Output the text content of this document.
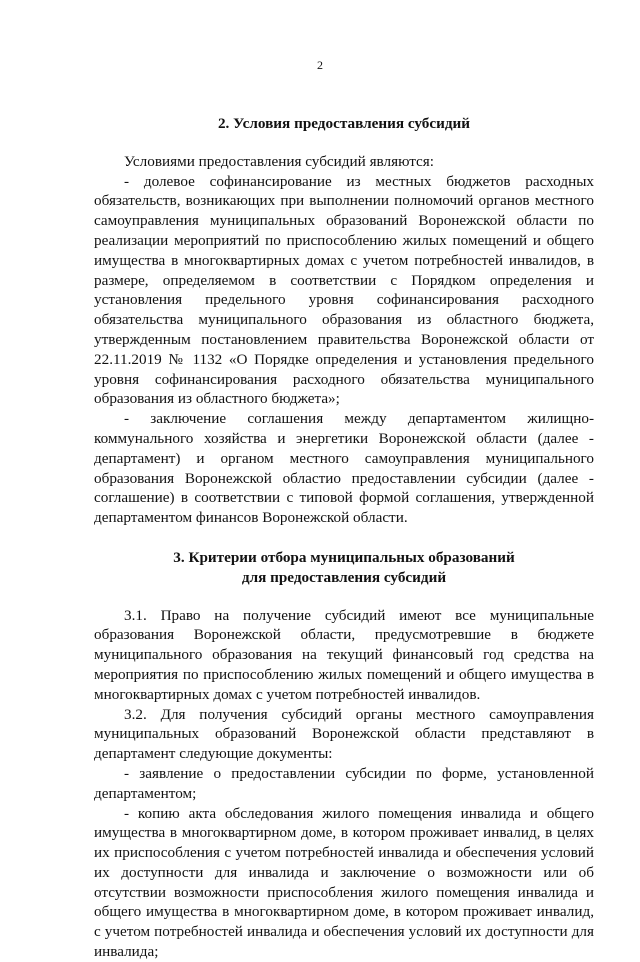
2

2. Условия предоставления субсидий

Условиями предоставления субсидий являются:

- долевое софинансирование из местных бюджетов расходных обязательств, возникающих при выполнении полномочий органов местного самоуправления муниципальных образований Воронежской области по реализации мероприятий по приспособлению жилых помещений и общего имущества в многоквартирных домах с учетом потребностей инвалидов, в размере, определяемом в соответствии с Порядком определения и установления предельного уровня софинансирования расходного обязательства муниципального образования из областного бюджета, утвержденным постановлением правительства Воронежской области от 22.11.2019 № 1132 «О Порядке определения и установления предельного уровня софинансирования расходного обязательства муниципального образования из областного бюджета»;

- заключение соглашения между департаментом жилищно-коммунального хозяйства и энергетики Воронежской области (далее - департамент) и органом местного самоуправления муниципального образования Воронежской областио предоставлении субсидии (далее - соглашение) в соответствии с типовой формой соглашения, утвержденной департаментом финансов Воронежской области.

3. Критерии отбора муниципальных образований
для предоставления субсидий

3.1. Право на получение субсидий имеют все муниципальные образования Воронежской области, предусмотревшие в бюджете муниципального образования на текущий финансовый год средства на мероприятия по приспособлению жилых помещений и общего имущества в многоквартирных домах с учетом потребностей инвалидов.

3.2. Для получения субсидий органы местного самоуправления муниципальных образований Воронежской области представляют в департамент следующие документы:

- заявление о предоставлении субсидии по форме, установленной департаментом;

- копию акта обследования жилого помещения инвалида и общего имущества в многоквартирном доме, в котором проживает инвалид, в целях их приспособления с учетом потребностей инвалида и обеспечения условий их доступности для инвалида и заключение о возможности или об отсутствии возможности приспособления жилого помещения инвалида и общего имущества в многоквартирном доме, в котором проживает инвалид, с учетом потребностей инвалида и обеспечения условий их доступности для инвалида;
